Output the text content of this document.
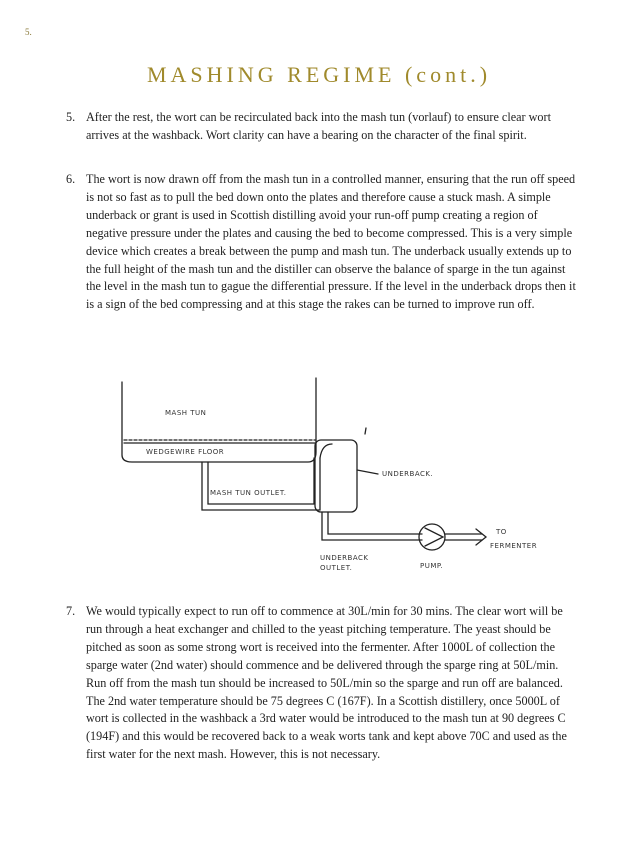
5.
MASHING REGIME (cont.)
5. After the rest, the wort can be recirculated back into the mash tun (vorlauf) to ensure clear wort arrives at the washback. Wort clarity can have a bearing on the character of the final spirit.
6. The wort is now drawn off from the mash tun in a controlled manner, ensuring that the run off speed is not so fast as to pull the bed down onto the plates and therefore cause a stuck mash. A simple underback or grant is used in Scottish distilling avoid your run-off pump creating a region of negative pressure under the plates and causing the bed to become compressed. This is a very simple device which creates a break between the pump and mash tun. The underback usually extends up to the full height of the mash tun and the distiller can observe the balance of sparge in the tun against the level in the mash tun to gague the differential pressure. If the level in the underback drops then it is a sign of the bed compressing and at this stage the rakes can be turned to improve run off.
MASH TUN
WEDGEWIRE FLOOR
MASH TUN OUTLET.
UNDERBACK.
UNDERBACK
OUTLET.	PUMP.
TO
FERMENTER
7. We would typically expect to run off to commence at 30L/min for 30 mins. The clear wort will be run through a heat exchanger and chilled to the yeast pitching temperature. The yeast should be pitched as soon as some strong wort is received into the fermenter. After 1000L of collection the sparge water (2nd water) should commence and be delivered through the sparge ring at 50L/min. Run off from the mash tun should be increased to 50L/min so the sparge and run off are balanced. The 2nd water temperature should be 75 degrees C (167F). In a Scottish distillery, once 5000L of wort is collected in the washback a 3rd water would be introduced to the mash tun at 90 degrees C (194F) and this would be recovered back to a weak worts tank and kept above 70C and used as the first water for the next mash. However, this is not necessary.
